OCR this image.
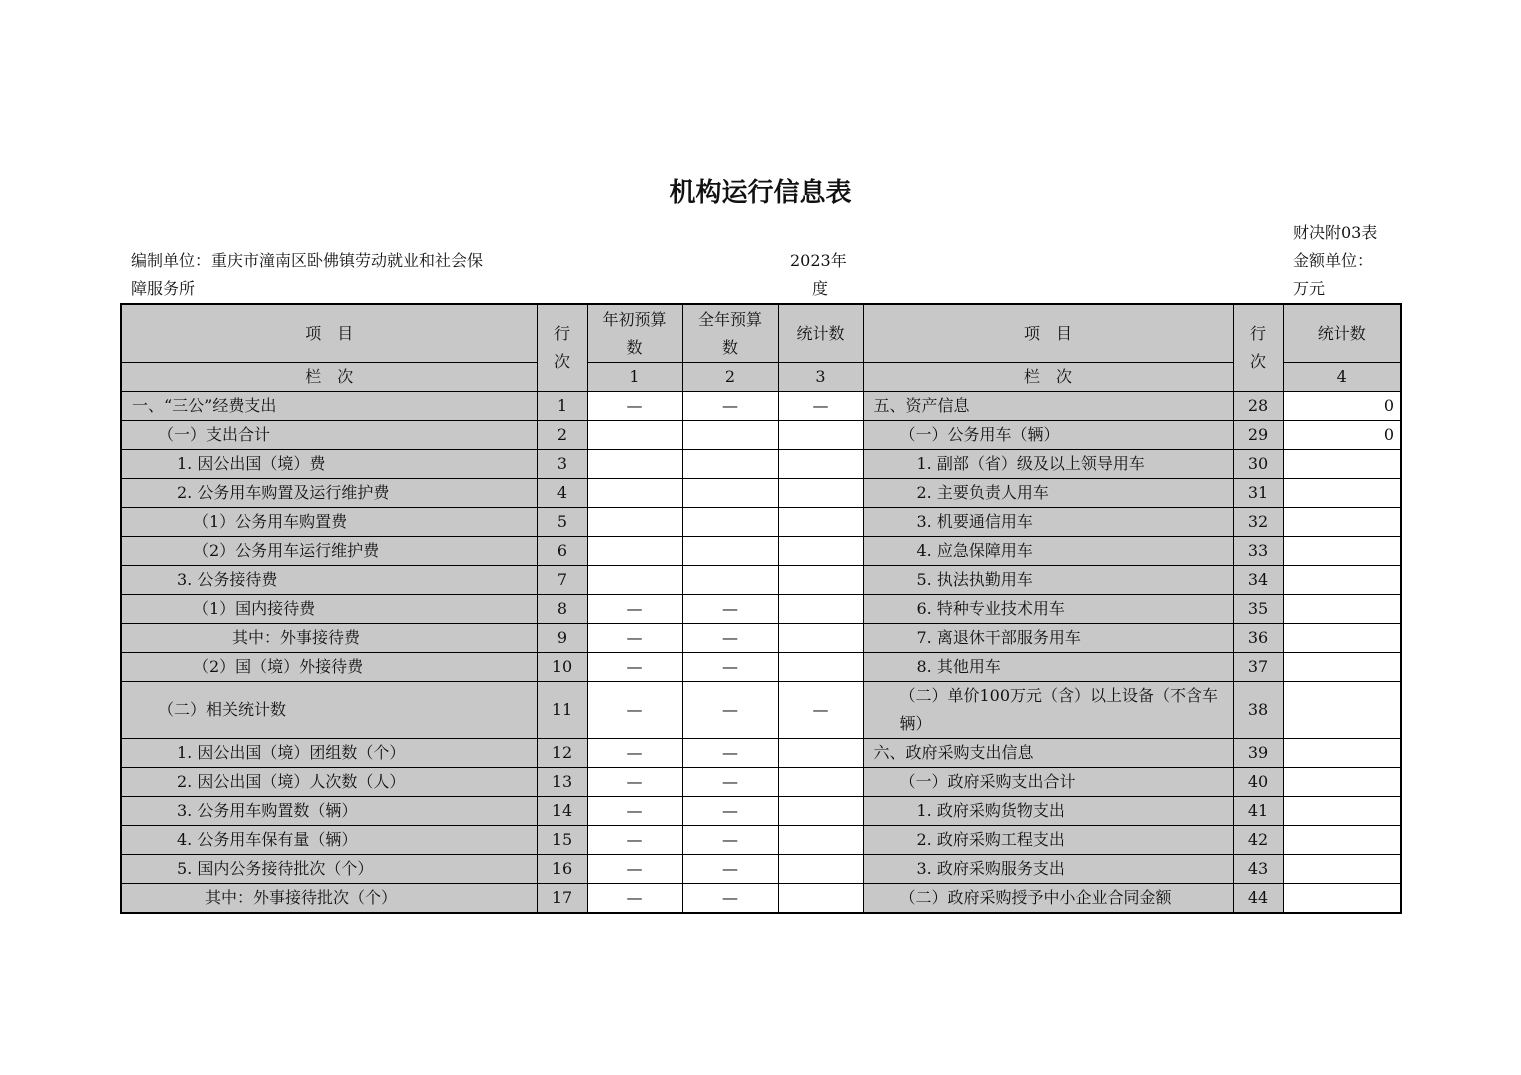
机构运行信息表
财决附03表
编制单位：重庆市潼南区卧佛镇劳动就业和社会保
障服务所
2023年
度
金额单位：
万元
项　目	行次	年初预算数	全年预算数	统计数	项　目	行次	统计数
栏　次		1	2	3	栏　次		4
一、“三公”经费支出	1	—	—	—	五、资产信息	28	0
（一）支出合计	2				（一）公务用车（辆）	29	0
1. 因公出国（境）费	3				1. 副部（省）级及以上领导用车	30	
2. 公务用车购置及运行维护费	4				2. 主要负责人用车	31	
（1）公务用车购置费	5				3. 机要通信用车	32	
（2）公务用车运行维护费	6				4. 应急保障用车	33	
3. 公务接待费	7				5. 执法执勤用车	34	
（1）国内接待费	8	—	—		6. 特种专业技术用车	35	
其中：外事接待费	9	—	—		7. 离退休干部服务用车	36	
（2）国（境）外接待费	10	—	—		8. 其他用车	37	
（二）相关统计数	11	—	—	—	（二）单价100万元（含）以上设备（不含车辆）	38	
1. 因公出国（境）团组数（个）	12	—	—		六、政府采购支出信息	39	
2. 因公出国（境）人次数（人）	13	—	—		（一）政府采购支出合计	40	
3. 公务用车购置数（辆）	14	—	—		1. 政府采购货物支出	41	
4. 公务用车保有量（辆）	15	—	—		2. 政府采购工程支出	42	
5. 国内公务接待批次（个）	16	—	—		3. 政府采购服务支出	43	
其中：外事接待批次（个）	17	—	—		（二）政府采购授予中小企业合同金额	44	
